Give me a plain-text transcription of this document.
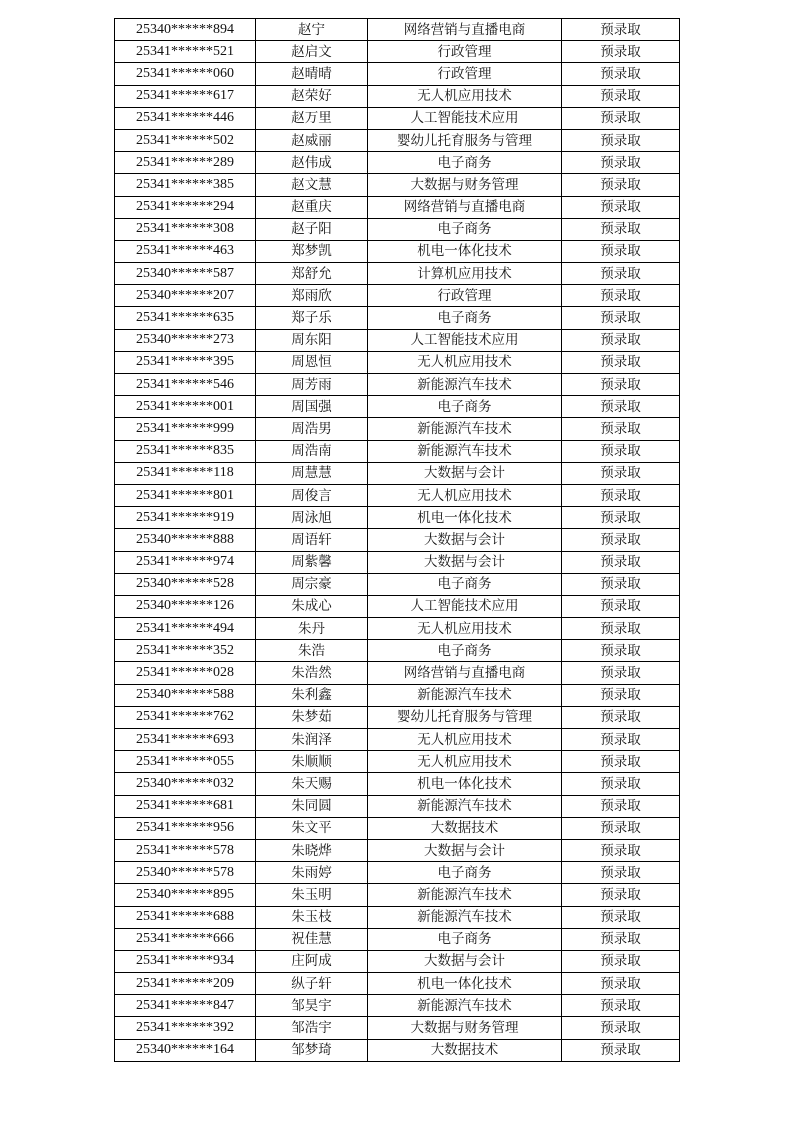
25340******894	赵宁	网络营销与直播电商	预录取
25341******521	赵启文	行政管理	预录取
25341******060	赵晴晴	行政管理	预录取
25341******617	赵荣好	无人机应用技术	预录取
25341******446	赵万里	人工智能技术应用	预录取
25341******502	赵威丽	婴幼儿托育服务与管理	预录取
25341******289	赵伟成	电子商务	预录取
25341******385	赵文慧	大数据与财务管理	预录取
25341******294	赵重庆	网络营销与直播电商	预录取
25341******308	赵子阳	电子商务	预录取
25341******463	郑梦凯	机电一体化技术	预录取
25340******587	郑舒允	计算机应用技术	预录取
25340******207	郑雨欣	行政管理	预录取
25341******635	郑子乐	电子商务	预录取
25340******273	周东阳	人工智能技术应用	预录取
25341******395	周恩恒	无人机应用技术	预录取
25341******546	周芳雨	新能源汽车技术	预录取
25341******001	周国强	电子商务	预录取
25341******999	周浩男	新能源汽车技术	预录取
25341******835	周浩南	新能源汽车技术	预录取
25341******118	周慧慧	大数据与会计	预录取
25341******801	周俊言	无人机应用技术	预录取
25341******919	周泳旭	机电一体化技术	预录取
25340******888	周语轩	大数据与会计	预录取
25341******974	周紫馨	大数据与会计	预录取
25340******528	周宗豪	电子商务	预录取
25340******126	朱成心	人工智能技术应用	预录取
25341******494	朱丹	无人机应用技术	预录取
25341******352	朱浩	电子商务	预录取
25341******028	朱浩然	网络营销与直播电商	预录取
25340******588	朱利鑫	新能源汽车技术	预录取
25341******762	朱梦茹	婴幼儿托育服务与管理	预录取
25341******693	朱润泽	无人机应用技术	预录取
25341******055	朱顺顺	无人机应用技术	预录取
25340******032	朱天赐	机电一体化技术	预录取
25341******681	朱同圆	新能源汽车技术	预录取
25341******956	朱文平	大数据技术	预录取
25341******578	朱晓烨	大数据与会计	预录取
25340******578	朱雨婷	电子商务	预录取
25340******895	朱玉明	新能源汽车技术	预录取
25341******688	朱玉枝	新能源汽车技术	预录取
25341******666	祝佳慧	电子商务	预录取
25341******934	庄阿成	大数据与会计	预录取
25341******209	纵子轩	机电一体化技术	预录取
25341******847	邹昊宇	新能源汽车技术	预录取
25341******392	邹浩宇	大数据与财务管理	预录取
25340******164	邹梦琦	大数据技术	预录取
